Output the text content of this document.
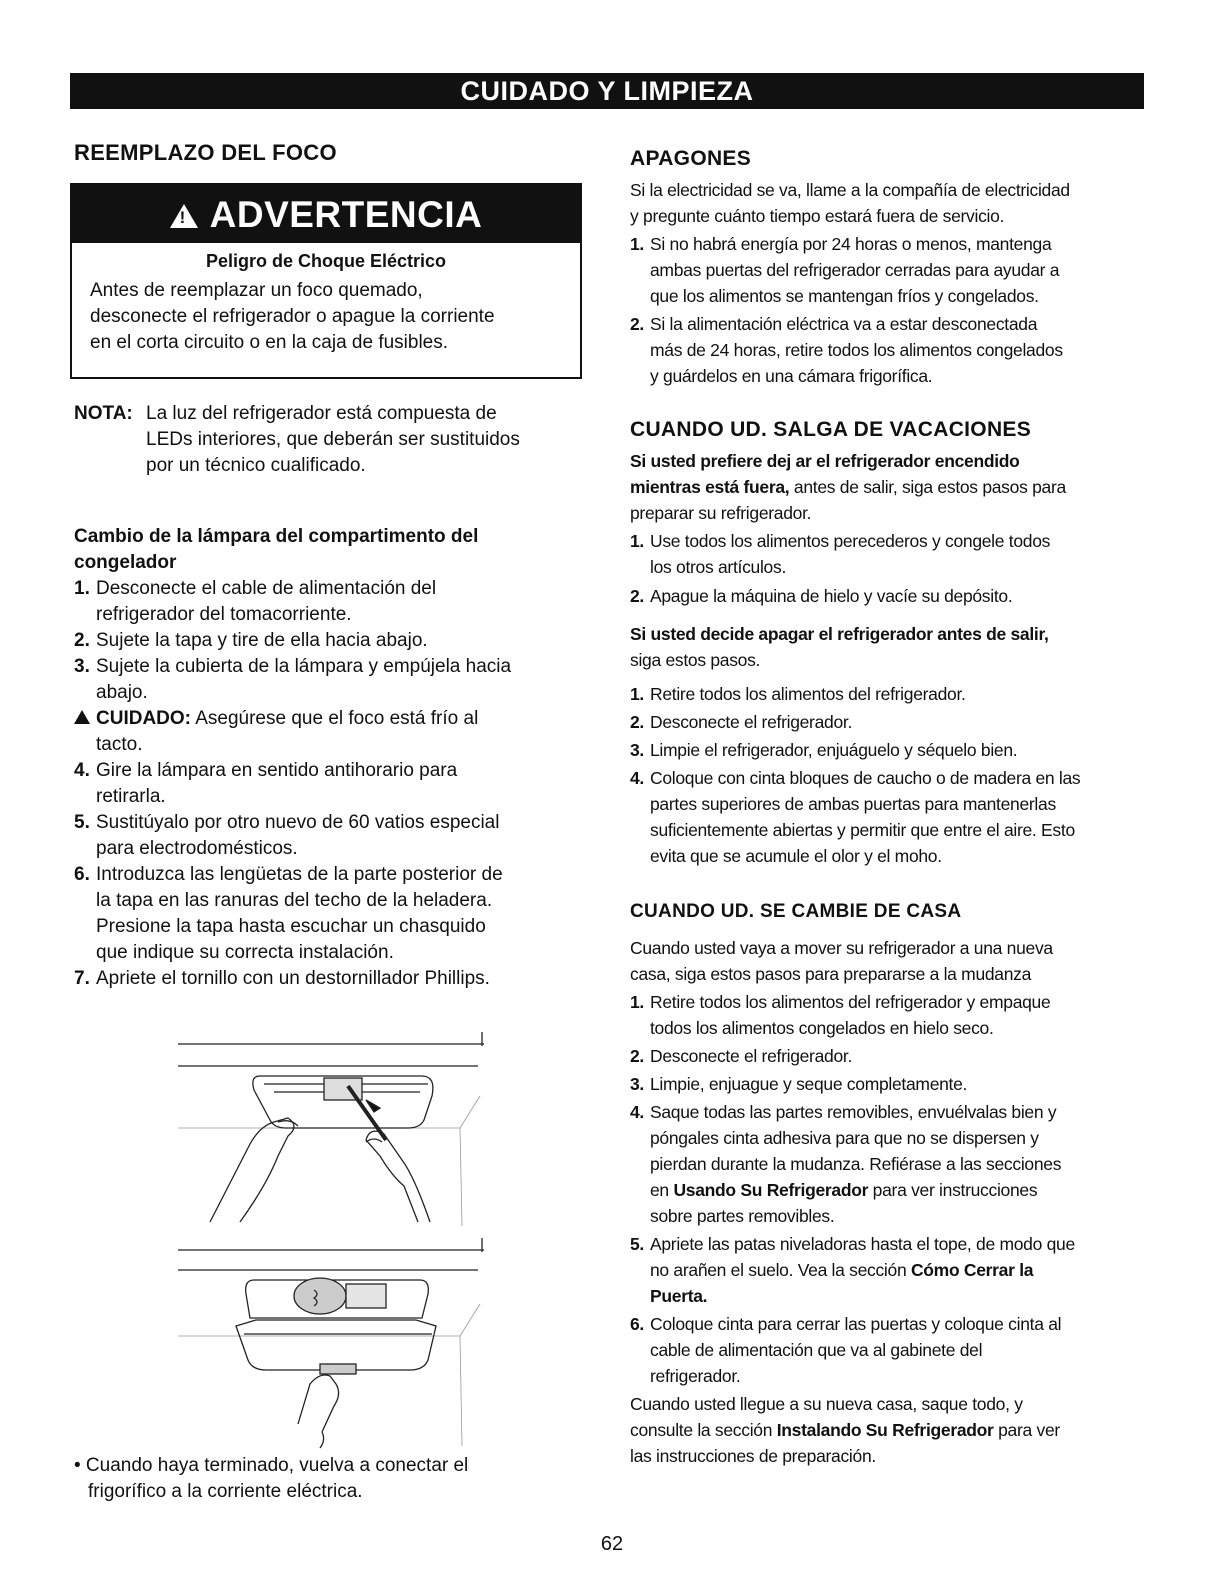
CUIDADO Y LIMPIEZA
REEMPLAZO DEL FOCO
!ADVERTENCIA
Peligro de Choque Eléctrico
Antes de reemplazar un foco quemado,
desconecte el refrigerador o apague la corriente
en el corta circuito o en la caja de fusibles.
NOTA: La luz del refrigerador está compuesta de
LEDs interiores, que deberán ser sustituidos
por un técnico cualificado.
Cambio de la lámpara del compartimento del
congelador
1. Desconecte el cable de alimentación del
refrigerador del tomacorriente.
2. Sujete la tapa y tire de ella hacia abajo.
3. Sujete la cubierta de la lámpara y empújela hacia
abajo.
CUIDADO: Asegúrese que el foco está frío al
tacto.
4. Gire la lámpara en sentido antihorario para
retirarla.
5. Sustitúyalo por otro nuevo de 60 vatios especial
para electrodomésticos.
6. Introduzca las lengüetas de la parte posterior de
la tapa en las ranuras del techo de la heladera.
Presione la tapa hasta escuchar un chasquido
que indique su correcta instalación.
7. Apriete el tornillo con un destornillador Phillips.
• Cuando haya terminado, vuelva a conectar el
frigorífico a la corriente eléctrica.
APAGONES

Si la electricidad se va, llame a la compañía de electricidad

y pregunte cuánto tiempo estará fuera de servicio.

1. Si no habrá energía por 24 horas o menos, mantenga
ambas puertas del refrigerador cerradas para ayudar a
que los alimentos se mantengan fríos y congelados.
2. Si la alimentación eléctrica va a estar desconectada
más de 24 horas, retire todos los alimentos congelados
y guárdelos en una cámara frigorífica.
CUANDO UD. SALGA DE VACACIONES

Si usted prefiere dej ar el refrigerador encendido

mientras está fuera, antes de salir, siga estos pasos para

preparar su refrigerador.

1. Use todos los alimentos perecederos y congele todos
los otros artículos.
2. Apague la máquina de hielo y vacíe su depósito.

Si usted decide apagar el refrigerador antes de salir,

siga estos pasos.

1. Retire todos los alimentos del refrigerador.
2. Desconecte el refrigerador.
3. Limpie el refrigerador, enjuáguelo y séquelo bien.
4. Coloque con cinta bloques de caucho o de madera en las
partes superiores de ambas puertas para mantenerlas
suficientemente abiertas y permitir que entre el aire. Esto
evita que se acumule el olor y el moho.
CUANDO UD. SE CAMBIE DE CASA

Cuando usted vaya a mover su refrigerador a una nueva

casa, siga estos pasos para prepararse a la mudanza

1. Retire todos los alimentos del refrigerador y empaque
todos los alimentos congelados en hielo seco.
2. Desconecte el refrigerador.
3. Limpie, enjuague y seque completamente.
4. Saque todas las partes removibles, envuélvalas bien y
póngales cinta adhesiva para que no se dispersen y
pierdan durante la mudanza. Refiérase a las secciones
en Usando Su Refrigerador para ver instrucciones
sobre partes removibles.
5. Apriete las patas niveladoras hasta el tope, de modo que
no arañen el suelo. Vea la sección Cómo Cerrar la
Puerta.
6. Coloque cinta para cerrar las puertas y coloque cinta al
cable de alimentación que va al gabinete del
refrigerador.

Cuando usted llegue a su nueva casa, saque todo, y

consulte la sección Instalando Su Refrigerador para ver

las instrucciones de preparación.

62
